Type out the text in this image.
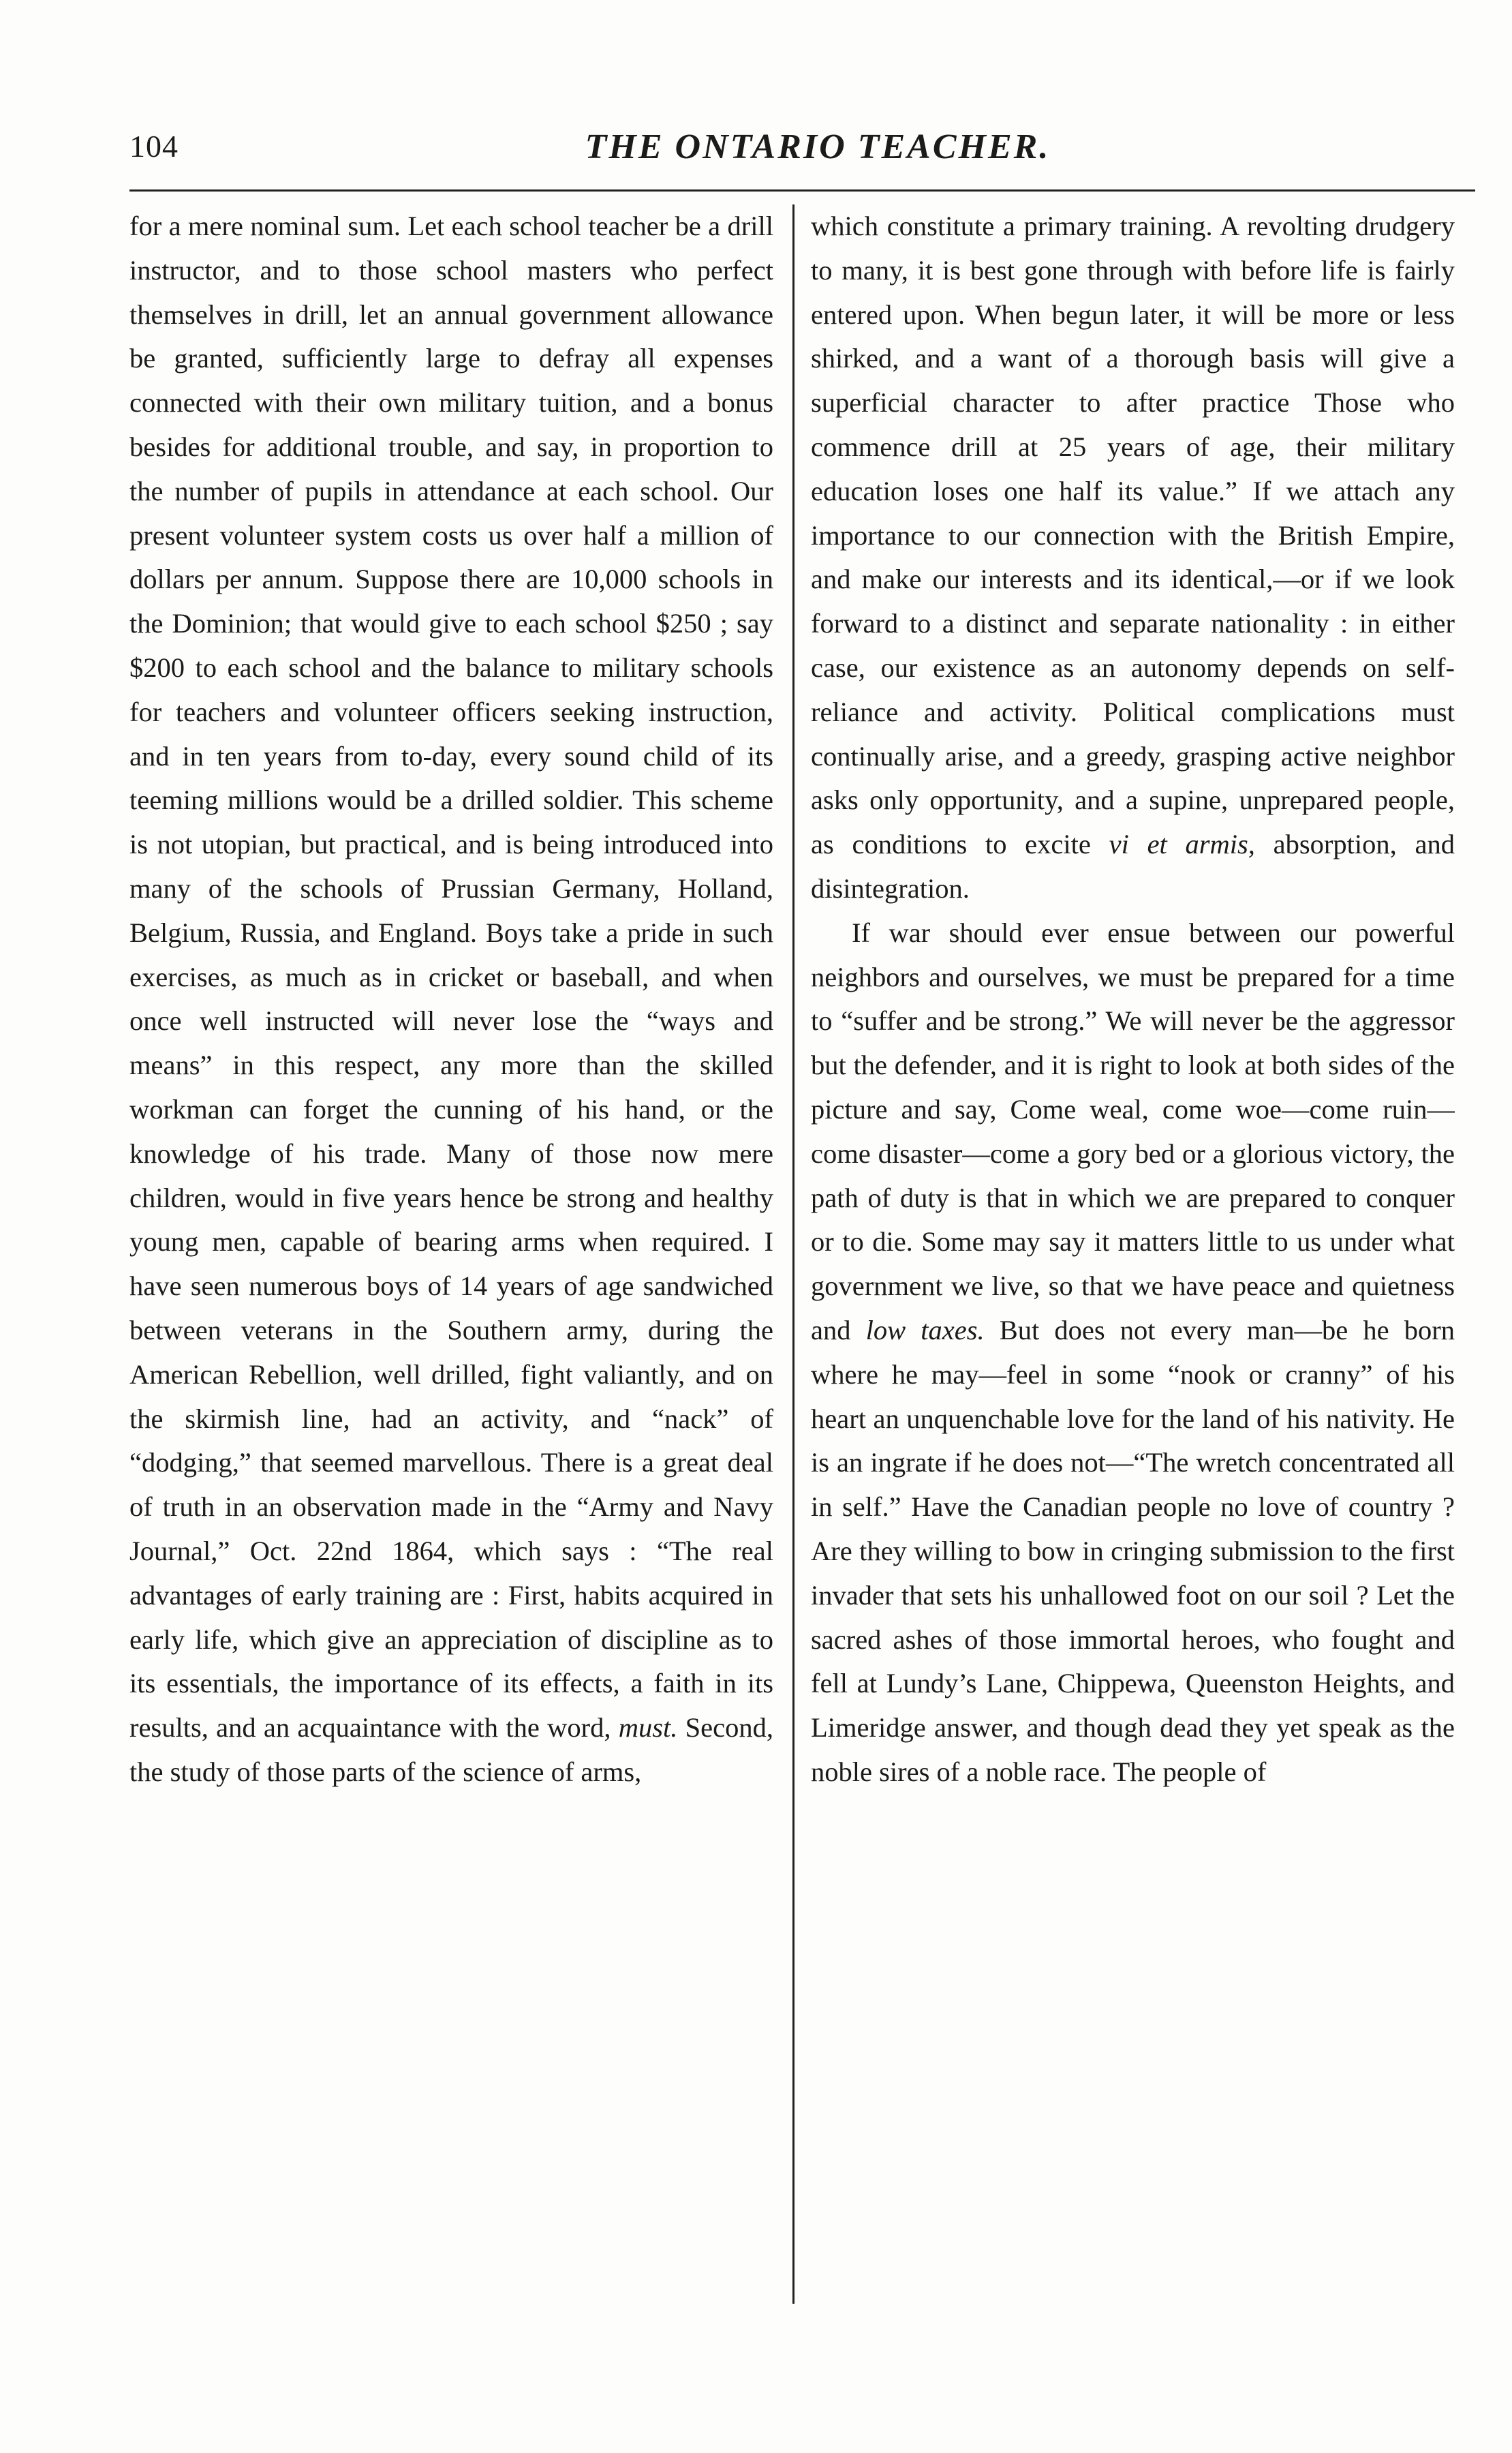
104	THE ONTARIO TEACHER.

for a mere nominal sum. Let each school teacher be a drill instructor, and to those school masters who perfect themselves in drill, let an annual government allowance be granted, sufficiently large to defray all expenses connected with their own military tuition, and a bonus besides for additional trouble, and say, in proportion to the number of pupils in attendance at each school. Our present volunteer system costs us over half a million of dollars per annum. Suppose there are 10,000 schools in the Dominion; that would give to each school $250 ; say $200 to each school and the balance to military schools for teachers and volunteer officers seeking instruction, and in ten years from to-day, every sound child of its teeming millions would be a drilled soldier. This scheme is not utopian, but practical, and is being introduced into many of the schools of Prussian Germany, Holland, Belgium, Russia, and England. Boys take a pride in such exercises, as much as in cricket or baseball, and when once well instructed will never lose the “ways and means” in this respect, any more than the skilled workman can forget the cunning of his hand, or the knowledge of his trade. Many of those now mere children, would in five years hence be strong and healthy young men, capable of bearing arms when required. I have seen numerous boys of 14 years of age sandwiched between veterans in the Southern army, during the American Rebellion, well drilled, fight valiantly, and on the skirmish line, had an activity, and “nack” of “dodging,” that seemed marvellous. There is a great deal of truth in an observation made in the “Army and Navy Journal,” Oct. 22nd 1864, which says : “The real advantages of early training are : First, habits acquired in early life, which give an appreciation of discipline as to its essentials, the importance of its effects, a faith in its results, and an acquaintance with the word, must. Second, the study of those parts of the science of arms,

which constitute a primary training. A revolting drudgery to many, it is best gone through with before life is fairly entered upon. When begun later, it will be more or less shirked, and a want of a thorough basis will give a superficial character to after practice Those who commence drill at 25 years of age, their military education loses one half its value.” If we attach any importance to our connection with the British Empire, and make our interests and its identical,—or if we look forward to a distinct and separate nationality : in either case, our existence as an autonomy depends on self-reliance and activity. Political complications must continually arise, and a greedy, grasping active neighbor asks only opportunity, and a supine, unprepared people, as conditions to excite vi et armis, absorption, and disintegration.

If war should ever ensue between our powerful neighbors and ourselves, we must be prepared for a time to “suffer and be strong.” We will never be the aggressor but the defender, and it is right to look at both sides of the picture and say, Come weal, come woe—come ruin—come disaster—come a gory bed or a glorious victory, the path of duty is that in which we are prepared to conquer or to die. Some may say it matters little to us under what government we live, so that we have peace and quietness and low taxes. But does not every man—be he born where he may—feel in some “nook or cranny” of his heart an unquenchable love for the land of his nativity. He is an ingrate if he does not—“The wretch concentrated all in self.” Have the Canadian people no love of country ? Are they willing to bow in cringing submission to the first invader that sets his unhallowed foot on our soil ? Let the sacred ashes of those immortal heroes, who fought and fell at Lundy’s Lane, Chippewa, Queenston Heights, and Limeridge answer, and though dead they yet speak as the noble sires of a noble race. The people of
